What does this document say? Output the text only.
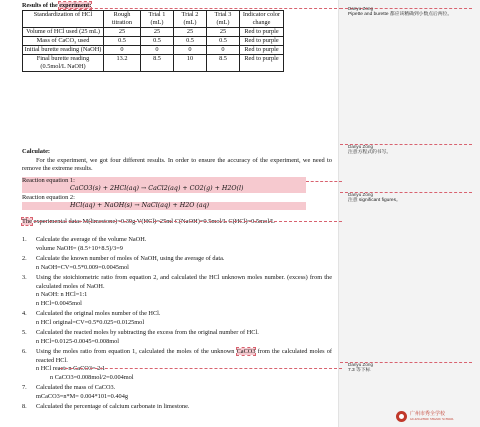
Results of the experiment:
Standardization of HCl	Rough titration	Trial 1 (mL)	Trial 2 (mL)	Trial 3 (mL)	Indicator color change
Volume of HCl used (25 mL)	25	25	25	25	Red to purple
Mass of CaCO₃ used	0.5	0.5	0.5	0.5	Red to purple
Initial burette reading (NaOH)	0	0	0	0	Red to purple
Final burette reading (0.5mol/L NaOH)	13.2	8.5	10	8.5	Red to purple
Calculate:
For the experiment, we got four different results. In order to ensure the accuracy of the experiment, we need to remove the extreme results.
Reaction equation 1:
CaCO3(s) + 2HCl(aq) → CaCl2(aq) + CO2(g) + H2O(l)
Reaction equation 2:
HCl(aq) + NaOH(s) → NaCl(aq) + H2O (aq)
The experimental data: M(limestone)=0.39g V(HCl)=25ml C(NaOH)=0.5mol/L C(HCl)=0.5mol/L
1.	Calculate the average of the volume NaOH.
volume NaOH= (8.5+10+8.5)/3=9
2.	Calculate the known number of moles of NaOH, using the average of data.
n NaOH=CV=0.5*0.009=0.0045mol
3.	Using the stoichiometric ratio from equation 2, and calculated the HCl unknown moles number. (excess) from the calculated moles of NaOH.
n NaOH: n HCl=1:1
n HCl=0.0045mol
4.	Calculated the original moles number of the HCl.
n HCl original=CV=0.5*0.025=0.0125mol
5.	Calculated the reacted moles by subtracting the excess from the original number of HCl.
n HCl=0.0125-0.0045=0.008mol
6.	Using the moles ratio from equation 1, calculated the moles of the unknown CaCO3 from the calculated moles of reacted HCl.
n HCl react: n CaCO3= 2:1
n CaCO3=0.008mol/2=0.004mol
7.	Calculated the mass of CaCO3.
mCaCO3=n*M= 0.004*101=0.404g
8.	Calculated the percentage of calcium carbonate in limestone.
Danyu Zong
Pipette and burette 都应该精确到小数点后两位。
Danyu Zong
注意方程式的书写。
Danyu Zong
注意 significant figures。
Danyu Zong
7.3 等下标
广州市秀全学校
GUANGZHOU SHAXIU SCHOOL
